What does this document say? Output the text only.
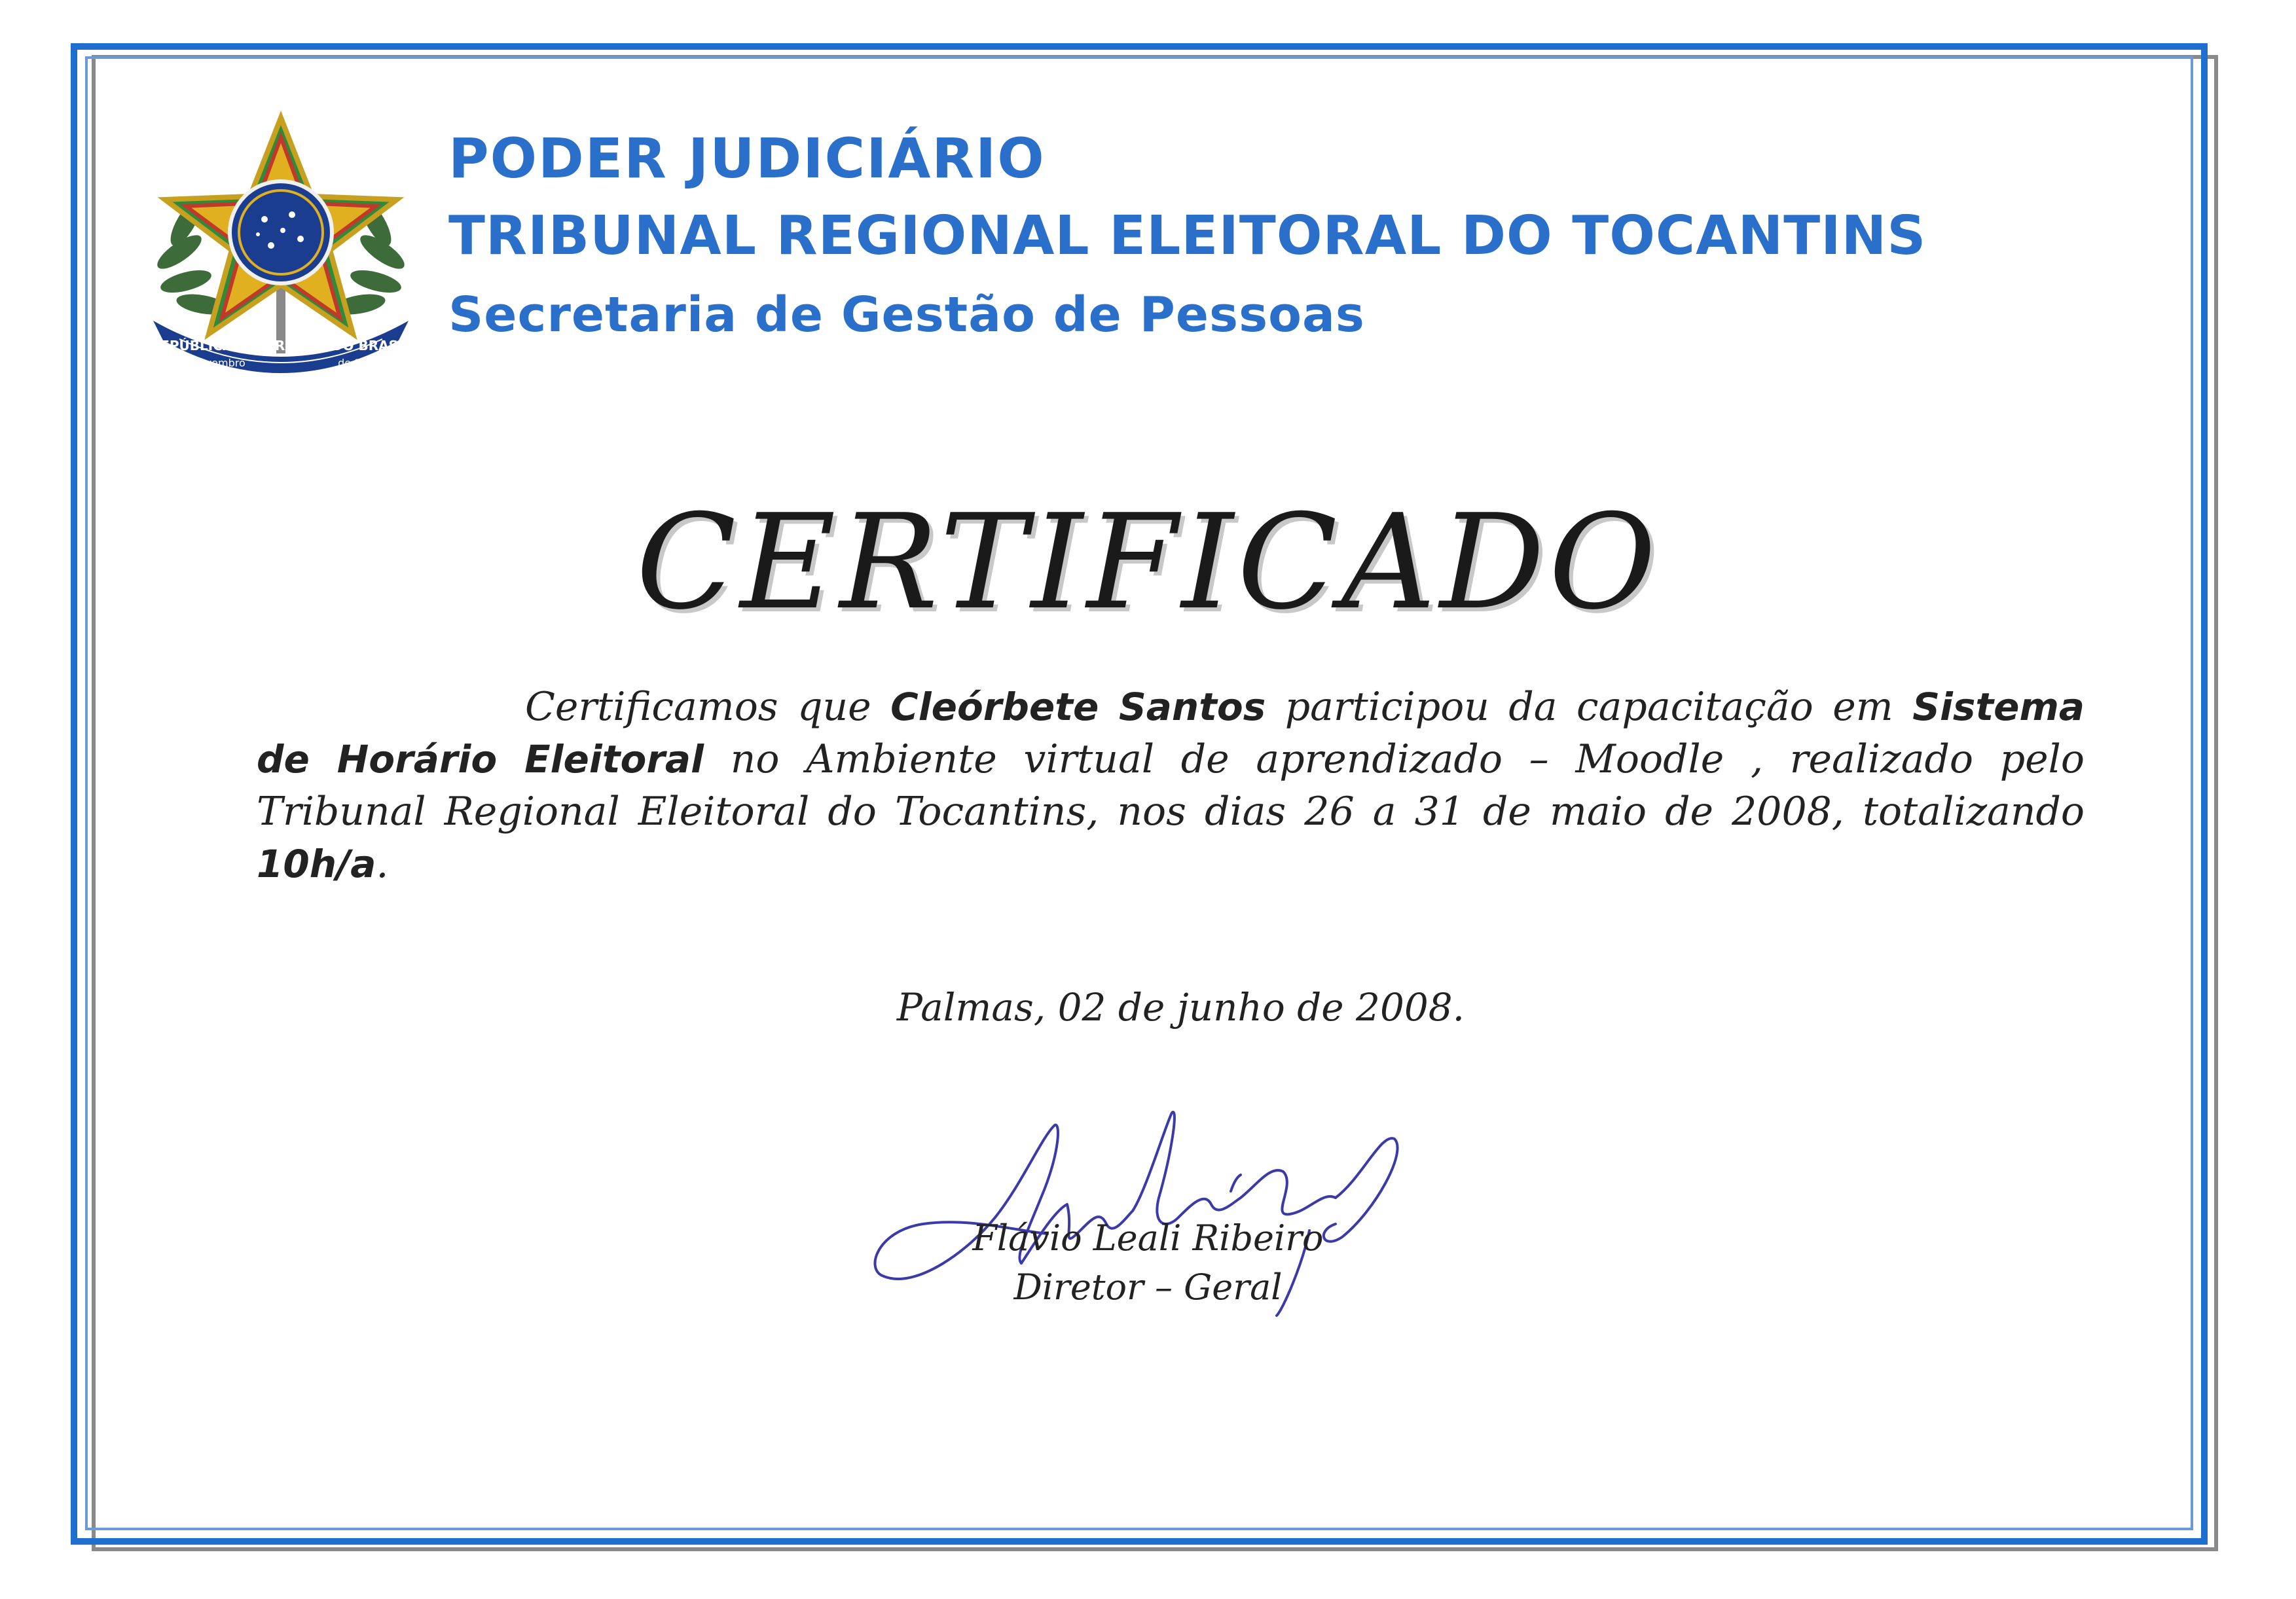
REPÚBLICA FEDERATIVA DO BRASIL
15 de novembro	de 1889
PODER JUDICIÁRIO
TRIBUNAL REGIONAL ELEITORAL DO TOCANTINS
Secretaria de Gestão de Pessoas
CERTIFICADO
Certificamos que Cleórbete Santos participou da capacitação em Sistema de Horário Eleitoral no Ambiente virtual de aprendizado – Moodle , realizado pelo Tribunal Regional Eleitoral do Tocantins, nos dias 26 a 31 de maio de 2008, totalizando 10h/a.
Palmas, 02 de junho de 2008.
Flávio Leali Ribeiro
Diretor – Geral
